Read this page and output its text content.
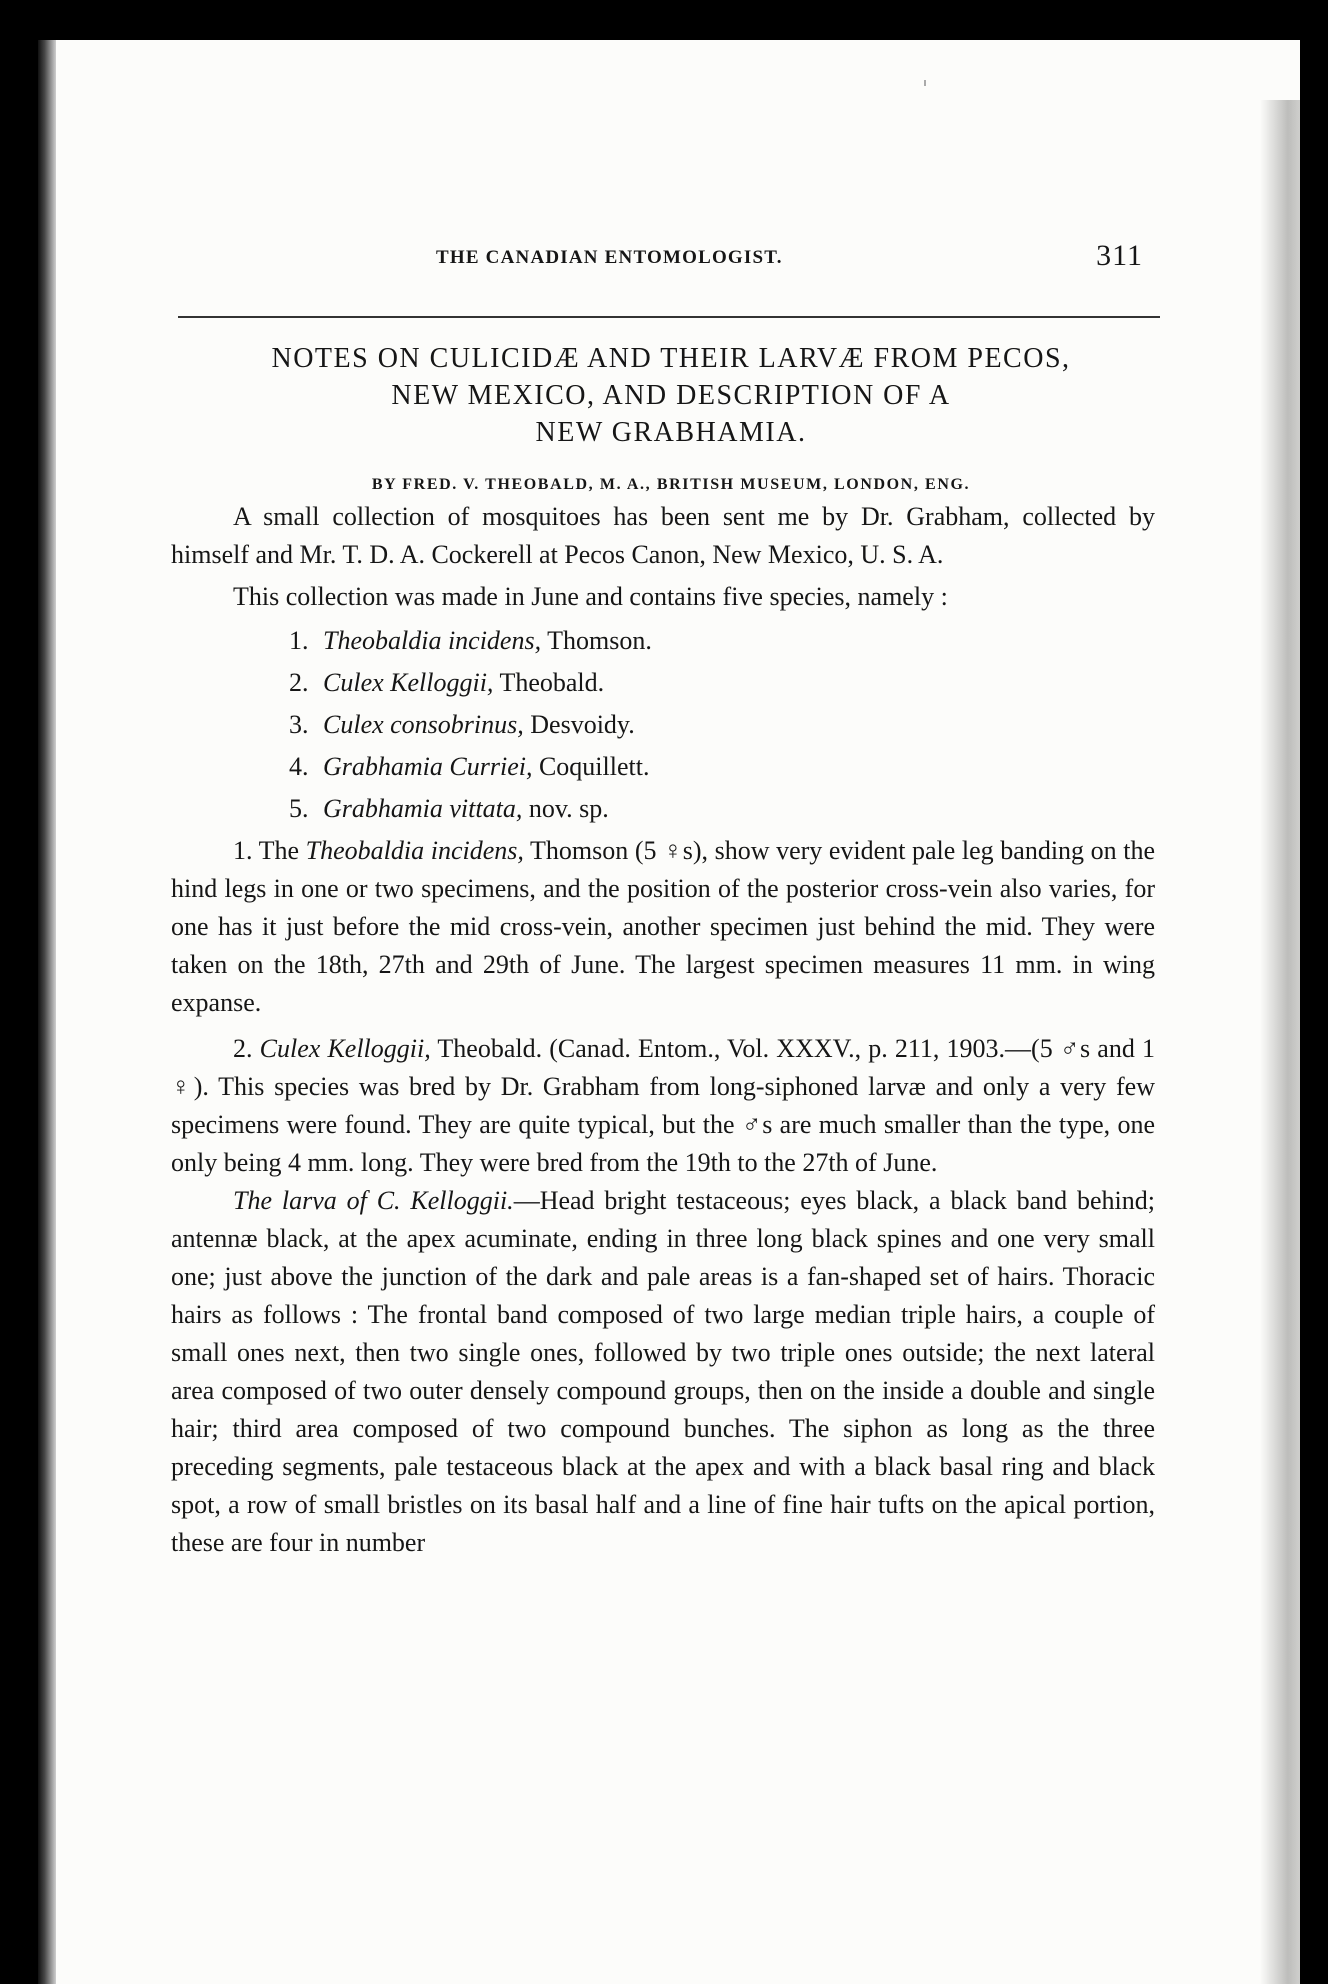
THE CANADIAN ENTOMOLOGIST.	311
NOTES ON CULICIDÆ AND THEIR LARVÆ FROM PECOS,
NEW MEXICO, AND DESCRIPTION OF A
NEW GRABHAMIA.
BY FRED. V. THEOBALD, M. A., BRITISH MUSEUM, LONDON, ENG.

A small collection of mosquitoes has been sent me by Dr. Grabham, collected by himself and Mr. T. D. A. Cockerell at Pecos Canon, New Mexico, U. S. A.

This collection was made in June and contains five species, namely :

1. Theobaldia incidens, Thomson.
2. Culex Kelloggii, Theobald.
3. Culex consobrinus, Desvoidy.
4. Grabhamia Curriei, Coquillett.
5. Grabhamia vittata, nov. sp.

1. The Theobaldia incidens, Thomson (5 ♀s), show very evident pale leg banding on the hind legs in one or two specimens, and the position of the posterior cross-vein also varies, for one has it just before the mid cross-vein, another specimen just behind the mid. They were taken on the 18th, 27th and 29th of June. The largest specimen measures 11 mm. in wing expanse.

2. Culex Kelloggii, Theobald. (Canad. Entom., Vol. XXXV., p. 211, 1903.—(5 ♂s and 1 ♀). This species was bred by Dr. Grabham from long-siphoned larvæ and only a very few specimens were found. They are quite typical, but the ♂s are much smaller than the type, one only being 4 mm. long. They were bred from the 19th to the 27th of June.

The larva of C. Kelloggii.—Head bright testaceous; eyes black, a black band behind; antennæ black, at the apex acuminate, ending in three long black spines and one very small one; just above the junction of the dark and pale areas is a fan-shaped set of hairs. Thoracic hairs as follows : The frontal band composed of two large median triple hairs, a couple of small ones next, then two single ones, followed by two triple ones outside; the next lateral area composed of two outer densely compound groups, then on the inside a double and single hair; third area composed of two compound bunches. The siphon as long as the three preceding segments, pale testaceous black at the apex and with a black basal ring and black spot, a row of small bristles on its basal half and a line of fine hair tufts on the apical portion, these are four in number
